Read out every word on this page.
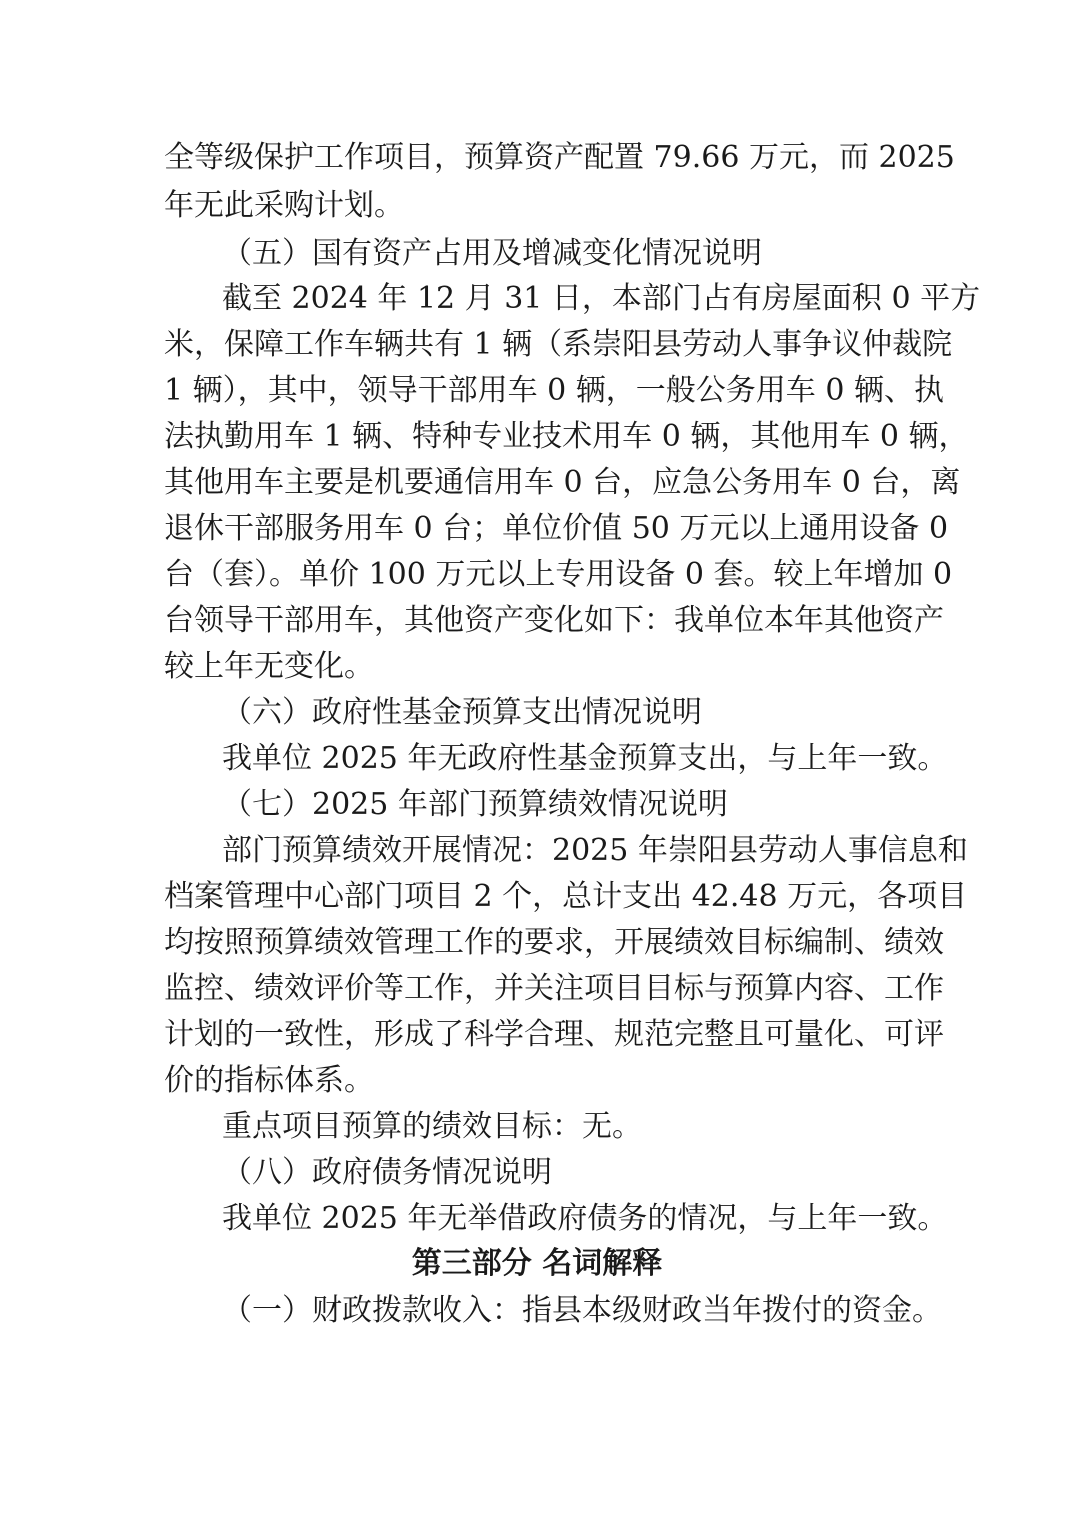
全等级保护工作项目，预算资产配置 79.66 万元，而 2025
年无此采购计划。
（五）国有资产占用及增减变化情况说明
截至 2024 年 12 月 31 日，本部门占有房屋面积 0 平方
米，保障工作车辆共有 1 辆（系崇阳县劳动人事争议仲裁院
1 辆），其中，领导干部用车 0 辆，一般公务用车 0 辆、执
法执勤用车 1 辆、特种专业技术用车 0 辆，其他用车 0 辆，
其他用车主要是机要通信用车 0 台，应急公务用车 0 台，离
退休干部服务用车 0 台；单位价值 50 万元以上通用设备 0
台（套）。单价 100 万元以上专用设备 0 套。较上年增加 0
台领导干部用车，其他资产变化如下：我单位本年其他资产
较上年无变化。
（六）政府性基金预算支出情况说明
我单位 2025 年无政府性基金预算支出，与上年一致。
（七）2025 年部门预算绩效情况说明
部门预算绩效开展情况：2025 年崇阳县劳动人事信息和
档案管理中心部门项目 2 个，总计支出 42.48 万元，各项目
均按照预算绩效管理工作的要求，开展绩效目标编制、绩效
监控、绩效评价等工作，并关注项目目标与预算内容、工作
计划的一致性，形成了科学合理、规范完整且可量化、可评
价的指标体系。
重点项目预算的绩效目标：无。
（八）政府债务情况说明
我单位 2025 年无举借政府债务的情况，与上年一致。
第三部分 名词解释
（一）财政拨款收入：指县本级财政当年拨付的资金。
